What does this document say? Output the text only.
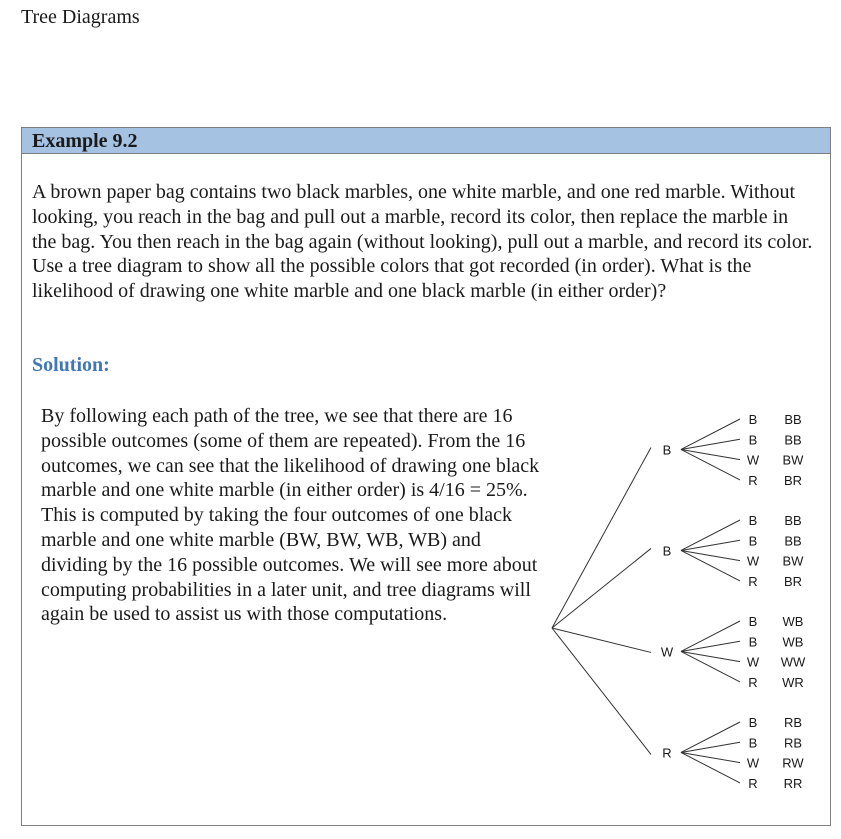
Tree Diagrams
Example 9.2

A brown paper bag contains two black marbles, one white marble, and one red marble. Without looking, you reach in the bag and pull out a marble, record its color, then replace the marble in the bag. You then reach in the bag again (without looking), pull out a marble, and record its color. Use a tree diagram to show all the possible colors that got recorded (in order). What is the likelihood of drawing one white marble and one black marble (in either order)?

Solution:

By following each path of the tree, we see that there are 16 possible outcomes (some of them are repeated). From the 16 outcomes, we can see that the likelihood of drawing one black marble and one white marble (in either order) is 4/16 = 25%. This is computed by taking the four outcomes of one black marble and one white marble (BW, BW, WB, WB) and dividing by the 16 possible outcomes. We will see more about computing probabilities in a later unit, and tree diagrams will again be used to assist us with those computations.

B
B BB
B BB
W BW
R BR
B
B BB
B BB
W BW
R BR
W
B WB
B WB
W WW
R WR
R
B RB
B RB
W RW
R RR
